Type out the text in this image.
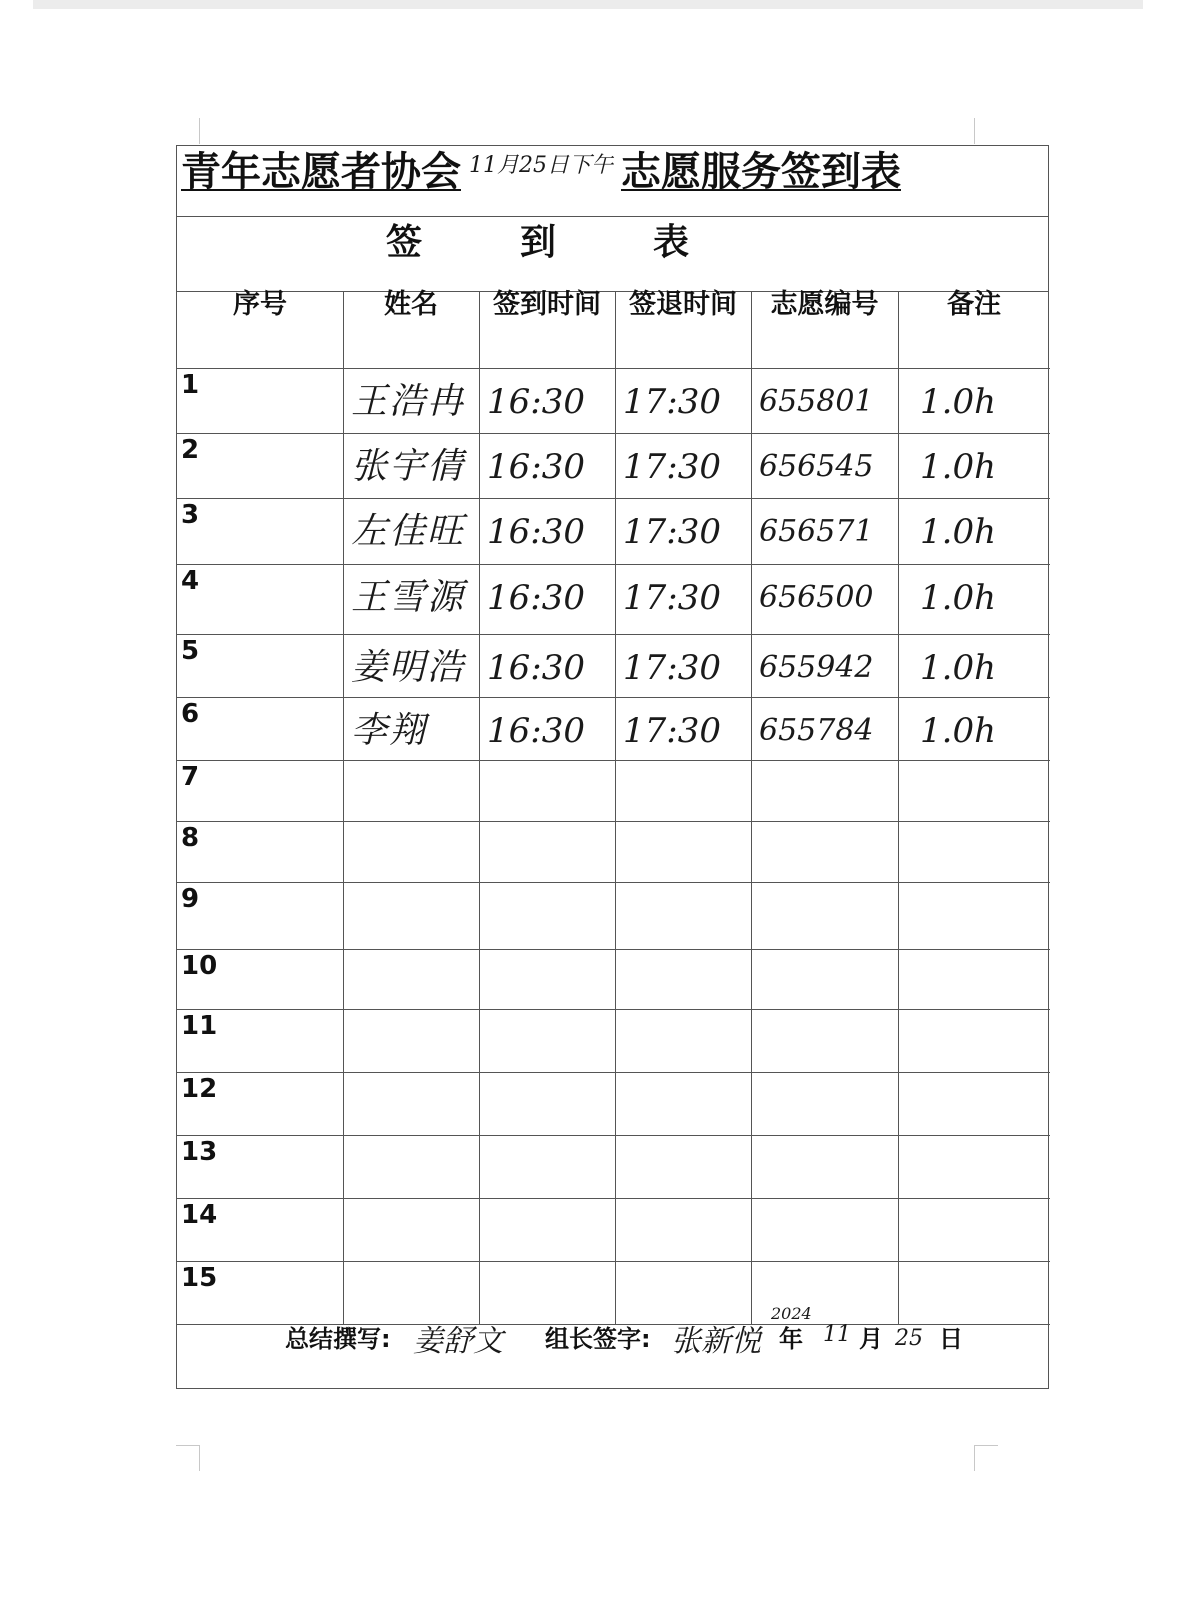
青年志愿者协会 11月25日下午 志愿服务签到表
签	到	表
序号	姓名	签到时间	签退时间	志愿编号	备注
1	王浩冉 16:30 17:30 655801 1.0h
2	张宇倩 16:30 17:30 656545 1.0h
3	左佳旺 16:30 17:30 656571 1.0h
4	王雪源 16:30 17:30 656500 1.0h
5	姜明浩 16:30 17:30 655942 1.0h
6	李翔 16:30 17:30 655784 1.0h
7
8
9
10
11
12
13
14
15
总结撰写: 姜舒文 组长签字: 张新悦
2024
年 11 月 25 日
